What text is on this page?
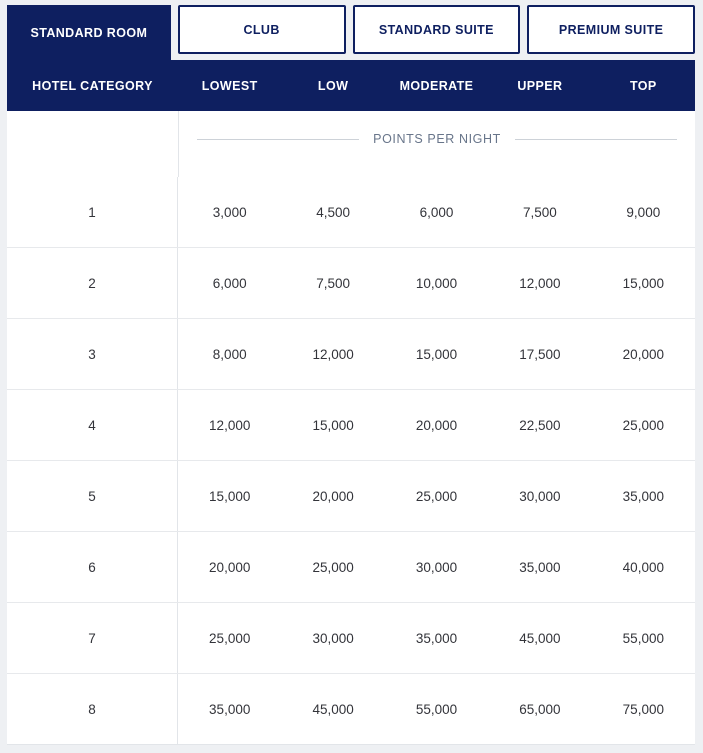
STANDARD ROOM	CLUB	STANDARD SUITE	PREMIUM SUITE
HOTEL CATEGORY	LOWEST	LOW	MODERATE	UPPER	TOP
POINTS PER NIGHT
1	3,000	4,500	6,000	7,500	9,000
2	6,000	7,500	10,000	12,000	15,000
3	8,000	12,000	15,000	17,500	20,000
4	12,000	15,000	20,000	22,500	25,000
5	15,000	20,000	25,000	30,000	35,000
6	20,000	25,000	30,000	35,000	40,000
7	25,000	30,000	35,000	45,000	55,000
8	35,000	45,000	55,000	65,000	75,000
